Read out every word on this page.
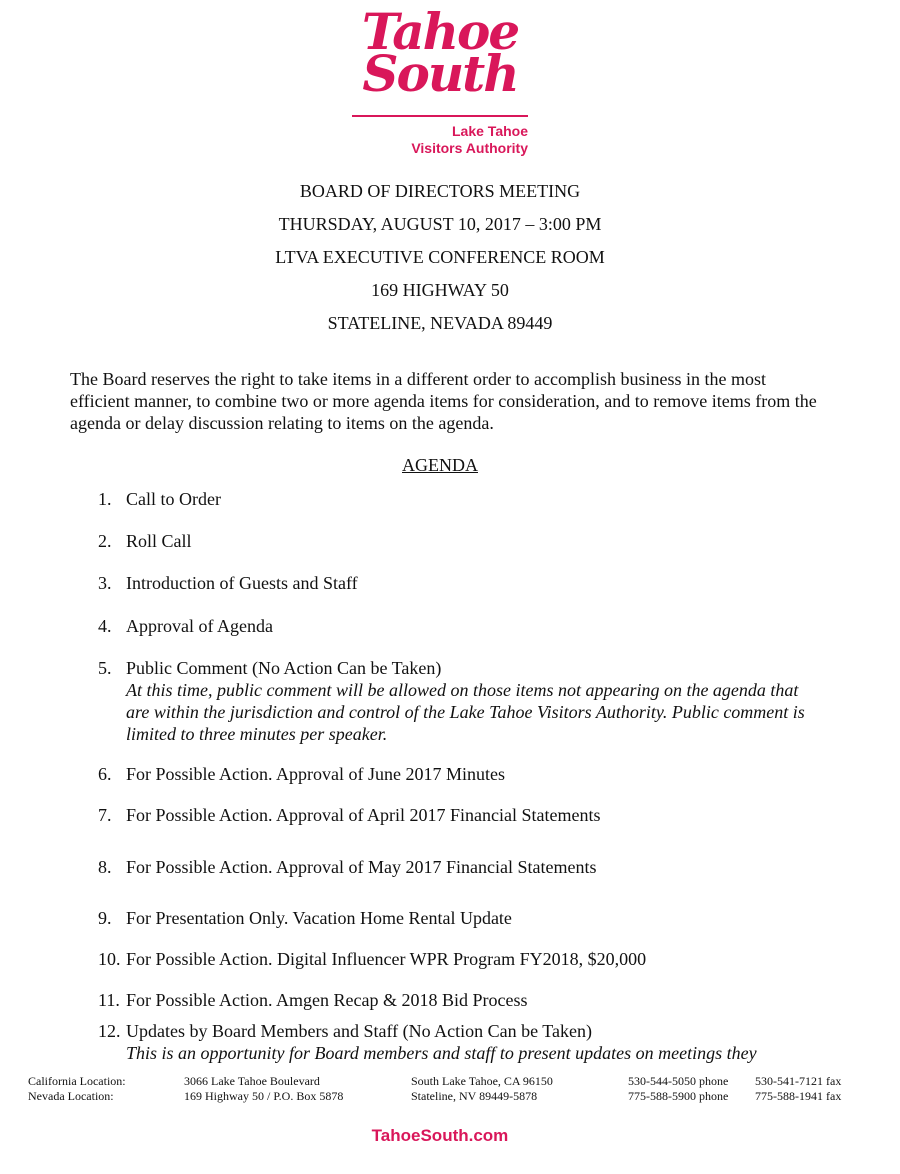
Tahoe
South
Lake Tahoe
Visitors Authority
BOARD OF DIRECTORS MEETING
THURSDAY, AUGUST 10, 2017 – 3:00 PM
LTVA EXECUTIVE CONFERENCE ROOM
169 HIGHWAY 50
STATELINE, NEVADA 89449
The Board reserves the right to take items in a different order to accomplish business in the most efficient manner, to combine two or more agenda items for consideration, and to remove items from the agenda or delay discussion relating to items on the agenda.
AGENDA
1. Call to Order
2. Roll Call
3. Introduction of Guests and Staff
4. Approval of Agenda
5. Public Comment (No Action Can be Taken)
At this time, public comment will be allowed on those items not appearing on the agenda that are within the jurisdiction and control of the Lake Tahoe Visitors Authority. Public comment is limited to three minutes per speaker.
6. For Possible Action. Approval of June 2017 Minutes
7. For Possible Action. Approval of April 2017 Financial Statements
8. For Possible Action. Approval of May 2017 Financial Statements
9. For Presentation Only. Vacation Home Rental Update
10. For Possible Action. Digital Influencer WPR Program FY2018, $20,000
11. For Possible Action. Amgen Recap & 2018 Bid Process
12. Updates by Board Members and Staff (No Action Can be Taken)
This is an opportunity for Board members and staff to present updates on meetings they
California Location:	3066 Lake Tahoe Boulevard	South Lake Tahoe, CA 96150	530-544-5050 phone 530-541-7121 fax
Nevada Location:	169 Highway 50 / P.O. Box 5878	Stateline, NV 89449-5878	775-588-5900 phone 775-588-1941 fax
TahoeSouth.com
